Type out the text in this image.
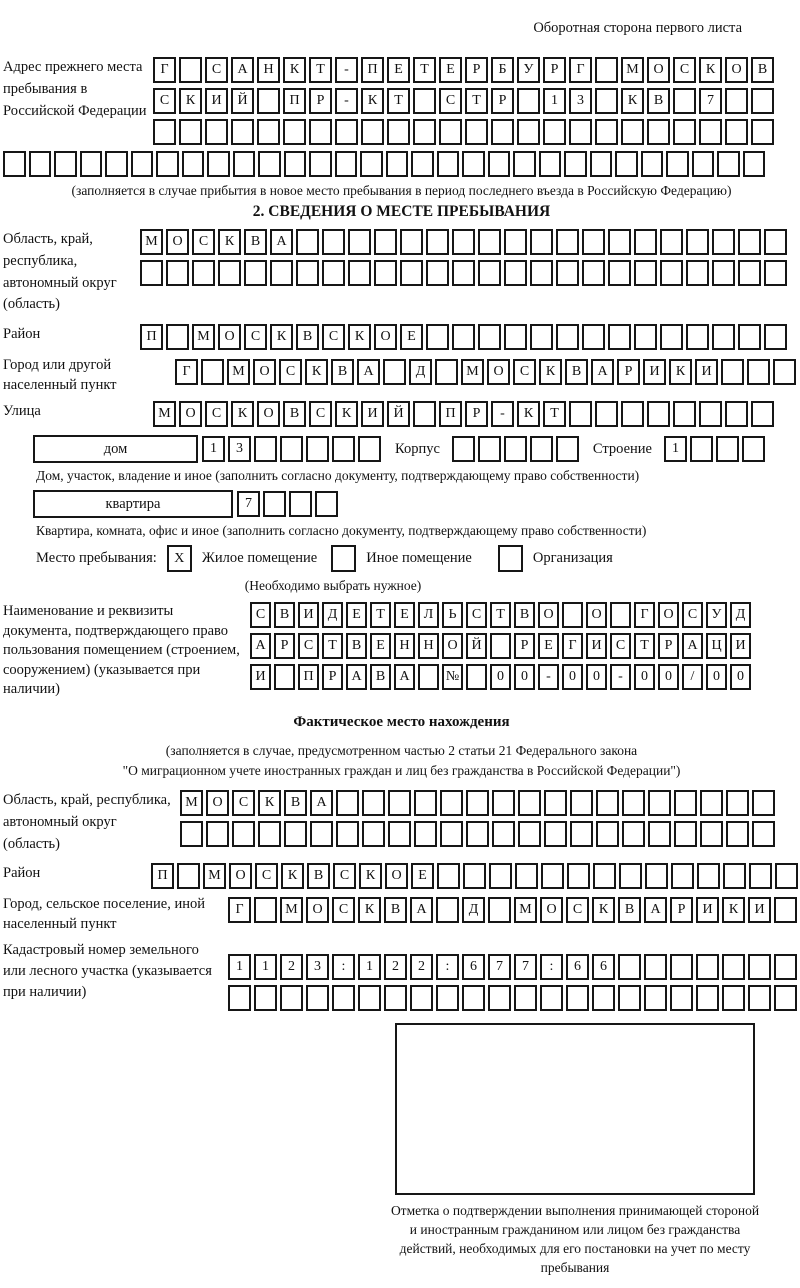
Оборотная сторона первого листа
Адрес прежнего места пребывания в Российской Федерации
Г	С	А	Н	К	Т	-	П	Е	Т	Е	Р	Б	У	Р	Г	М	О	С	К	О	В
С	К	И	Й	П	Р	-	К	Т	С	Т	Р	1	3	К	В	7
(заполняется в случае прибытия в новое место пребывания в период последнего въезда в Российскую Федерацию)
2. СВЕДЕНИЯ О МЕСТЕ ПРЕБЫВАНИЯ
Область, край, республика, автономный округ (область)
М	О	С	К	В	А
Район	П	М	О	С	К	В	С	К	О	Е
Город или другой населенный пункт
Г	М	О	С	К	В	А	Д	М	О	С	К	В	А	Р	И	К	И
Улица	М	О	С	К	О	В	С	К	И	Й	П	Р	-	К	Т
дом	1	3	Корпус	Строение	1
Дом, участок, владение и иное (заполнить согласно документу, подтверждающему право собственности)
квартира	7
Квартира, комната, офис и иное (заполнить согласно документу, подтверждающему право собственности)
Место пребывания:	X	Жилое помещение	Иное помещение	Организация
(Необходимо выбрать нужное)
Наименование и реквизиты документа, подтверждающего право пользования помещением (строением, сооружением) (указывается при наличии)
С	В	И	Д	Е	Т	Е	Л	Ь	С	Т	В	О	О	Г	О	С	У	Д
А	Р	С	Т	В	Е	Н Н О Й	Р	Е	Г	И	С	Т	Р	А Ц И
И	П	Р	А	В	А	№	0	0	-	0	0	-	0	0	/	0	0
Фактическое место нахождения
(заполняется в случае, предусмотренном частью 2 статьи 21 Федерального закона
"О миграционном учете иностранных граждан и лиц без гражданства в Российской Федерации")
Область, край, республика, автономный округ (область)
М	О	С	К	В	А
Район	П	М	О	С	К	В	С	К	О	Е
Город, сельское поселение, иной населенный пункт
Г	М	О	С	К	В	А	Д	М	О	С	К	В	А	Р	И	К	И
Кадастровый номер земельного или лесного участка (указывается при наличии)
1	1	2	3	:	1	2	2	:	6	7	7	:	6	6
Отметка о подтверждении выполнения принимающей стороной и иностранным гражданином или лицом без гражданства действий, необходимых для его постановки на учет по месту пребывания
